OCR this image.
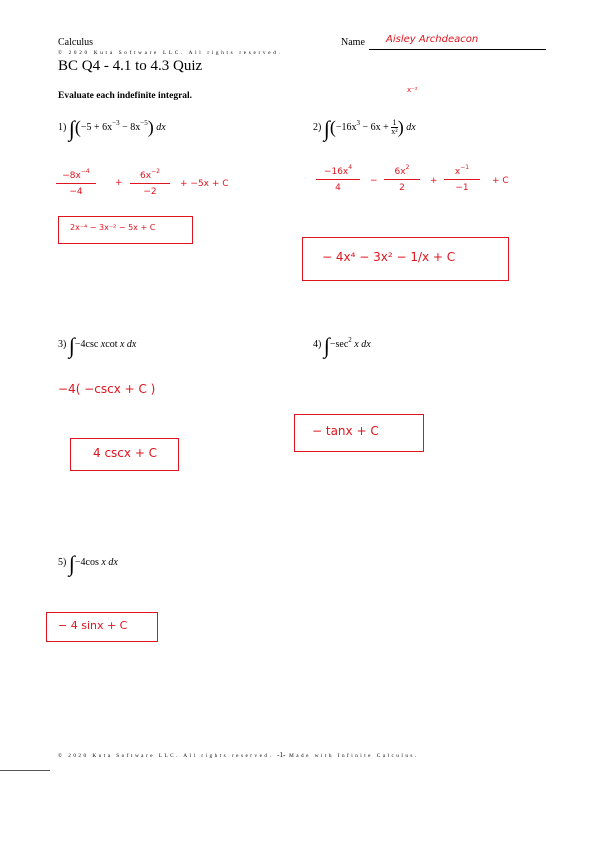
Calculus	Name Aisley Archdeacon
© 2020 Kuta Software LLC. All rights reserved.
BC Q4 - 4.1 to 4.3 Quiz
Evaluate each indefinite integral.
1) $\int(-5 + 6x^{-3} - 8x^{-5})$ dx	2) $\int(-16x^3 - 6x + \frac{1}{\text{x²}}$ ) dx
3) ∫−4csc xcot x dx	4) $\int-\sec^2$ x dx
5) ∫−4cos x dx
$-8x^{-4}$
−4
+
$6x^{-2}$
−2
+ −5x + C
2x⁻⁴ − 3x⁻² − 5x + C
x⁻²
$-16x^4$
4
−
$6x^2$
2
+
$x^{-1}$
−1
+ C
− 4x⁴ − 3x² − 1/x + C
−4( −cscx + C )
4 cscx + C
− tanx + C
− 4 sinx + C
© 2020 Kuta Software LLC. All rights reserved. -1- Made with Infinite Calculus.
